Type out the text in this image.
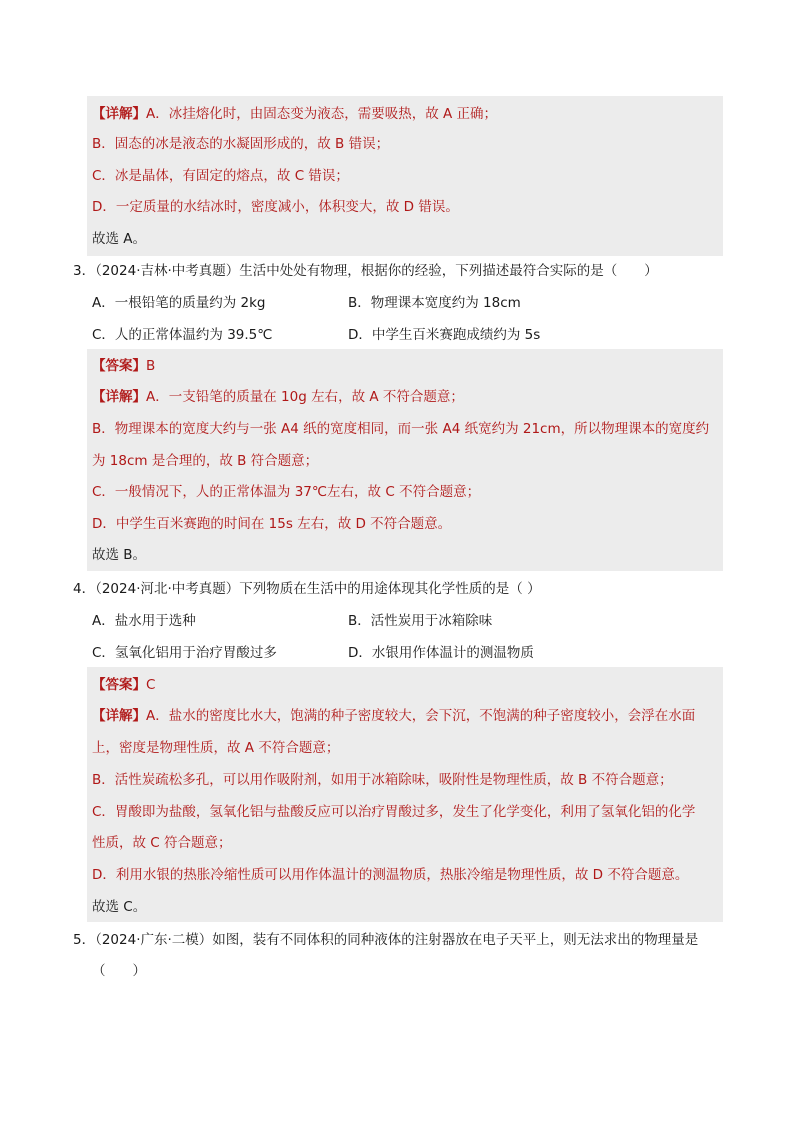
【详解】A．冰挂熔化时，由固态变为液态，需要吸热，故 A 正确；
B．固态的冰是液态的水凝固形成的，故 B 错误；
C．冰是晶体，有固定的熔点，故 C 错误；
D．一定质量的水结冰时，密度减小，体积变大，故 D 错误。
故选 A。
3．（2024·吉林·中考真题）生活中处处有物理，根据你的经验，下列描述最符合实际的是（　　）
A．一根铅笔的质量约为 2kg	B．物理课本宽度约为 18cm
C．人的正常体温约为 39.5℃	D．中学生百米赛跑成绩约为 5s
【答案】B
【详解】A．一支铅笔的质量在 10g 左右，故 A 不符合题意；
B．物理课本的宽度大约与一张 A4 纸的宽度相同，而一张 A4 纸宽约为 21cm，所以物理课本的宽度约
为 18cm 是合理的，故 B 符合题意；
C．一般情况下，人的正常体温为 37℃左右，故 C 不符合题意；
D．中学生百米赛跑的时间在 15s 左右，故 D 不符合题意。
故选 B。
4．（2024·河北·中考真题）下列物质在生活中的用途体现其化学性质的是（ ）
A．盐水用于选种	B．活性炭用于冰箱除味
C．氢氧化铝用于治疗胃酸过多	D．水银用作体温计的测温物质
【答案】C
【详解】A．盐水的密度比水大，饱满的种子密度较大，会下沉，不饱满的种子密度较小，会浮在水面
上，密度是物理性质，故 A 不符合题意；
B．活性炭疏松多孔，可以用作吸附剂，如用于冰箱除味，吸附性是物理性质，故 B 不符合题意；
C．胃酸即为盐酸，氢氧化铝与盐酸反应可以治疗胃酸过多，发生了化学变化，利用了氢氧化铝的化学
性质，故 C 符合题意；
D．利用水银的热胀冷缩性质可以用作体温计的测温物质，热胀冷缩是物理性质，故 D 不符合题意。
故选 C。
5．（2024·广东·二模）如图，装有不同体积的同种液体的注射器放在电子天平上，则无法求出的物理量是
（　　）
